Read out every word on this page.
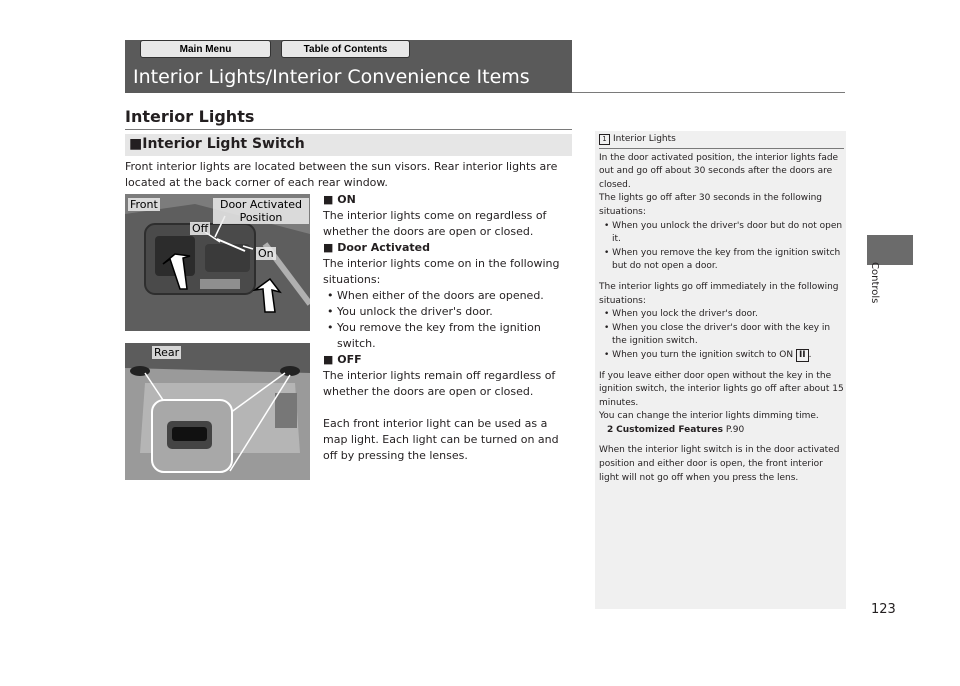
Main Menu	Table of Contents
Interior Lights/Interior Convenience Items
Controls
123
Interior Lights
■Interior Light Switch
Front interior lights are located between the sun visors. Rear interior lights are located at the back corner of each rear window.
Front	Door Activated Position
Off
On
Rear
■ ON
The interior lights come on regardless of whether the doors are open or closed.
■ Door Activated
The interior lights come on in the following situations:
• When either of the doors are opened.
• You unlock the driver's door.
• You remove the key from the ignition switch.
■ OFF
The interior lights remain off regardless of whether the doors are open or closed.
Each front interior light can be used as a map light. Each light can be turned on and off by pressing the lenses.
1 Interior Lights
In the door activated position, the interior lights fade out and go off about 30 seconds after the doors are closed.
The lights go off after 30 seconds in the following situations:
• When you unlock the driver's door but do not open it.
• When you remove the key from the ignition switch but do not open a door.
The interior lights go off immediately in the following situations:
• When you lock the driver's door.
• When you close the driver's door with the key in the ignition switch.
• When you turn the ignition switch to ON II .
If you leave either door open without the key in the ignition switch, the interior lights go off after about 15 minutes.
You can change the interior lights dimming time.
2 Customized Features P.90
When the interior light switch is in the door activated position and either door is open, the front interior light will not go off when you press the lens.
